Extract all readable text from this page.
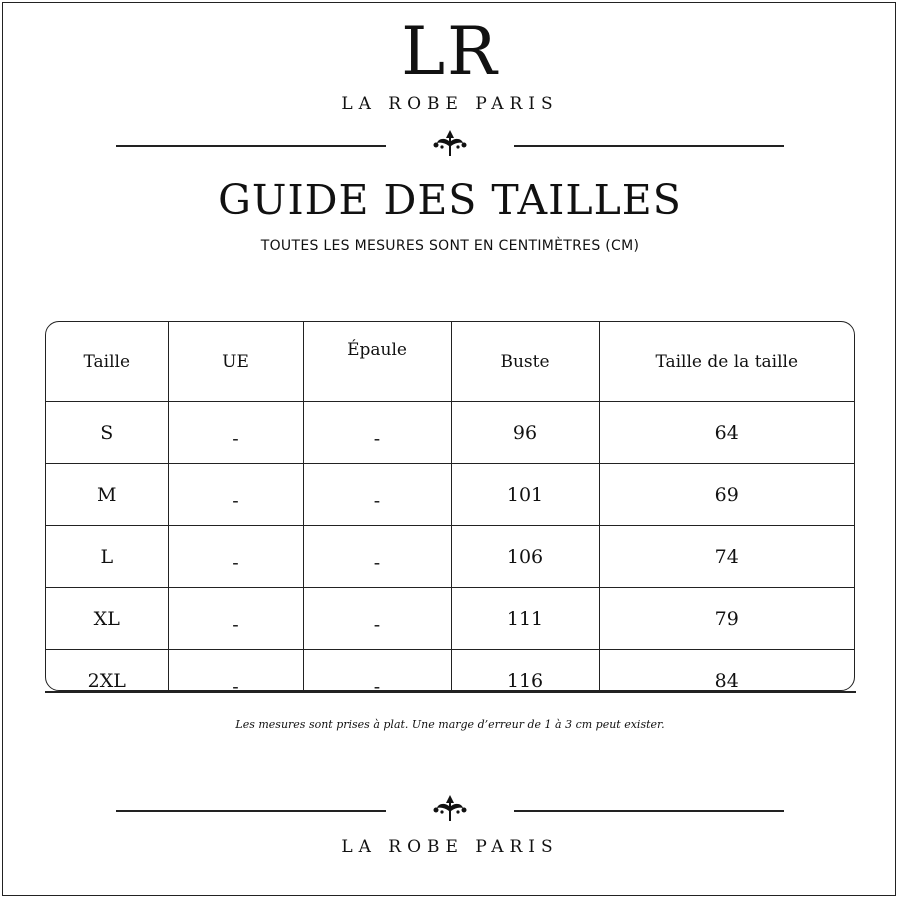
LR
LA ROBE PARIS
GUIDE DES TAILLES
TOUTES LES MESURES SONT EN CENTIMÈTRES (CM)
Taille	UE	Épaule	Buste	Taille de la taille
S	-	-	96	64
M	-	-	101	69
L	-	-	106	74
XL	-	-	111	79
2XL	-	-	116	84
Les mesures sont prises à plat. Une marge d’erreur de 1 à 3 cm peut exister.
LA ROBE PARIS
